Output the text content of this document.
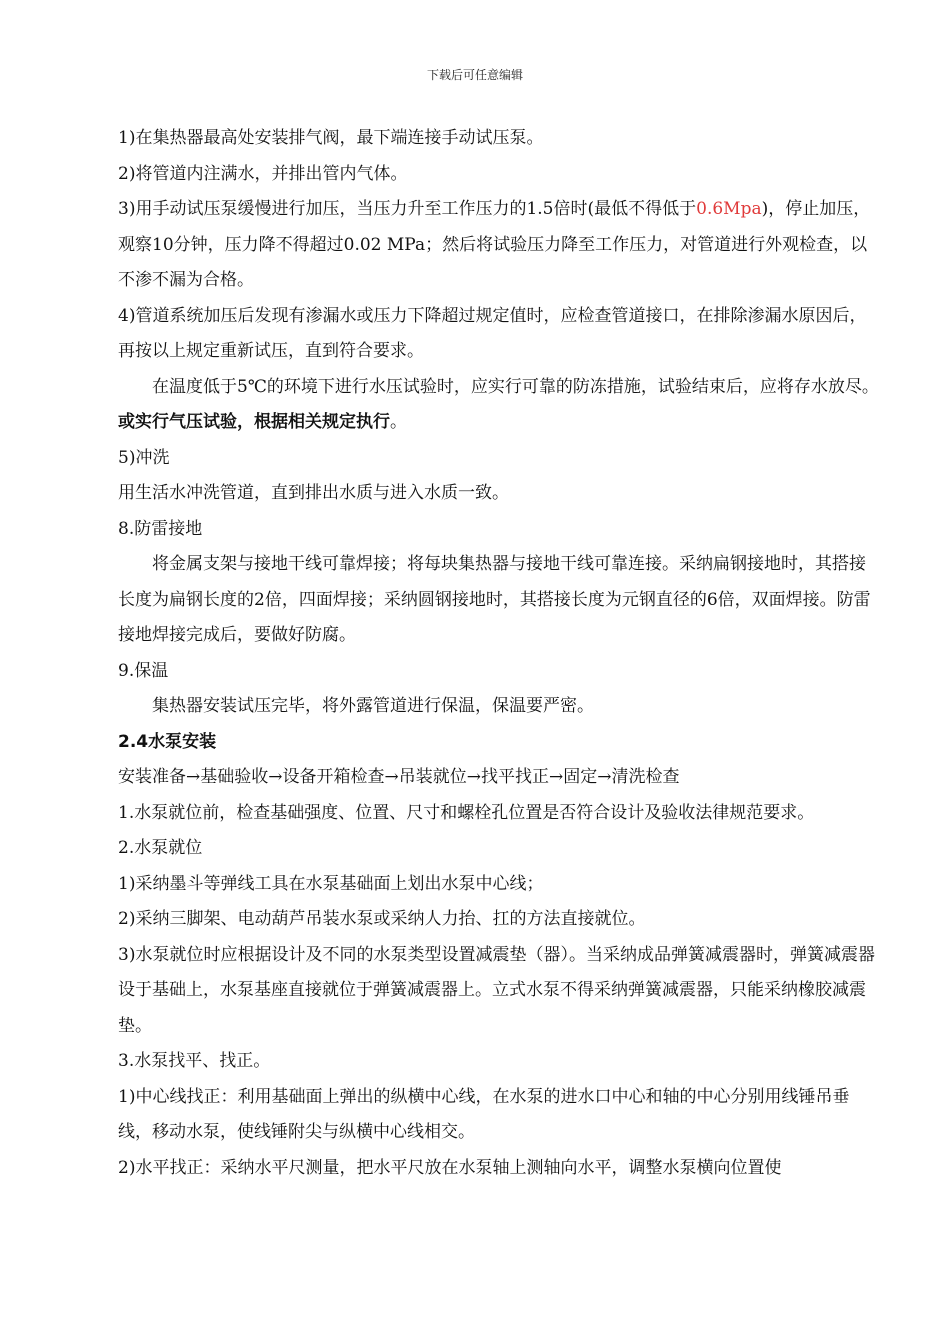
下载后可任意编辑

1)在集热器最高处安装排气阀，最下端连接手动试压泵。

2)将管道内注满水，并排出管内气体。

3)用手动试压泵缓慢进行加压，当压力升至工作压力的1.5倍时(最低不得低于0.6Mpa)，停止加压，观察10分钟，压力降不得超过0.02 MPa；然后将试验压力降至工作压力，对管道进行外观检查，以不渗不漏为合格。

4)管道系统加压后发现有渗漏水或压力下降超过规定值时，应检查管道接口，在排除渗漏水原因后，再按以上规定重新试压，直到符合要求。

在温度低于5℃的环境下进行水压试验时，应实行可靠的防冻措施，试验结束后，应将存水放尽。或实行气压试验，根据相关规定执行。

5)冲洗

用生活水冲洗管道，直到排出水质与进入水质一致。

8.防雷接地

将金属支架与接地干线可靠焊接；将每块集热器与接地干线可靠连接。采纳扁钢接地时，其搭接长度为扁钢长度的2倍，四面焊接；采纳圆钢接地时，其搭接长度为元钢直径的6倍，双面焊接。防雷接地焊接完成后，要做好防腐。

9.保温

集热器安装试压完毕，将外露管道进行保温，保温要严密。

2.4水泵安装

安装准备→基础验收→设备开箱检查→吊装就位→找平找正→固定→清洗检查

1.水泵就位前，检查基础强度、位置、尺寸和螺栓孔位置是否符合设计及验收法律规范要求。

2.水泵就位

1)采纳墨斗等弹线工具在水泵基础面上划出水泵中心线；

2)采纳三脚架、电动葫芦吊装水泵或采纳人力抬、扛的方法直接就位。

3)水泵就位时应根据设计及不同的水泵类型设置减震垫（器）。当采纳成品弹簧减震器时，弹簧减震器设于基础上，水泵基座直接就位于弹簧减震器上。立式水泵不得采纳弹簧减震器，只能采纳橡胶减震垫。

3.水泵找平、找正。

1)中心线找正：利用基础面上弹出的纵横中心线，在水泵的进水口中心和轴的中心分别用线锤吊垂线，移动水泵，使线锤附尖与纵横中心线相交。

2)水平找正：采纳水平尺测量，把水平尺放在水泵轴上测轴向水平，调整水泵横向位置使
